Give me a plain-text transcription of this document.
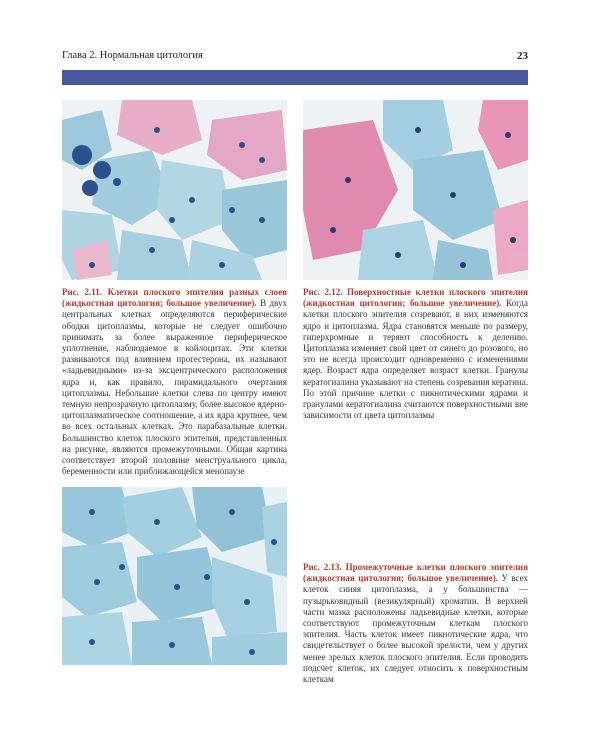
Глава 2. Нормальная цитология	23

Рис. 2.11. Клетки плоского эпителия разных слоев (жидкостная цитология; большое увеличение). В двух центральных клетках определяются периферические ободки цитоплазмы, которые не следует ошибочно принимать за более выраженное периферическое уплотнение, наблюдаемое в койлоцитах. Эти клетки развиваются под влиянием прогестерона, их называют «ладьевидными» из-за эксцентрического расположения ядра и, как правило, пирамидального очертания цитоплазмы. Небольшие клетки слева по центру имеют темную непрозрачную цитоплазму, более высокое ядерно-цитоплазматическое соотношение, а их ядра крупнее, чем во всех остальных клетках. Это парабазальные клетки. Большинство клеток плоского эпителия, представленных на рисунке, являются промежуточными. Общая картина соответствует второй половине менструального цикла, беременности или приближающейся менопаузе

Рис. 2.12. Поверхностные клетки плоского эпителия (жидкостная цитология; большое увеличение). Когда клетки плоского эпителия созревают, в них изменяются ядро и цитоплазма. Ядра становятся меньше по размеру, гиперхромные и теряют способность к делению. Цитоплазма изменяет свой цвет от синего до розового, но это не всегда происходит одновременно с изменениями ядер. Возраст ядра определяет возраст клетки. Гранулы кератогиалина указывают на степень созревания кератина. По этой причине клетки с пикнотическими ядрами и гранулами кератогиалина считаются поверхностными вне зависимости от цвета цитоплазмы

Рис. 2.13. Промежуточные клетки плоского эпителия (жидкостная цитология; большое увеличение). У всех клеток синяя цитоплазма, а у большинства — пузырьковидный (везикулярный) хроматин. В верхней части мазка расположены ладьевидные клетки, которые соответствуют промежуточным клеткам плоского эпителия. Часть клеток имеет пикнотические ядра, что свидетельствует о более высокой зрелости, чем у других менее зрелых клеток плоского эпителия. Если проводить подсчет клеток, их следует относить к поверхностным клеткам
